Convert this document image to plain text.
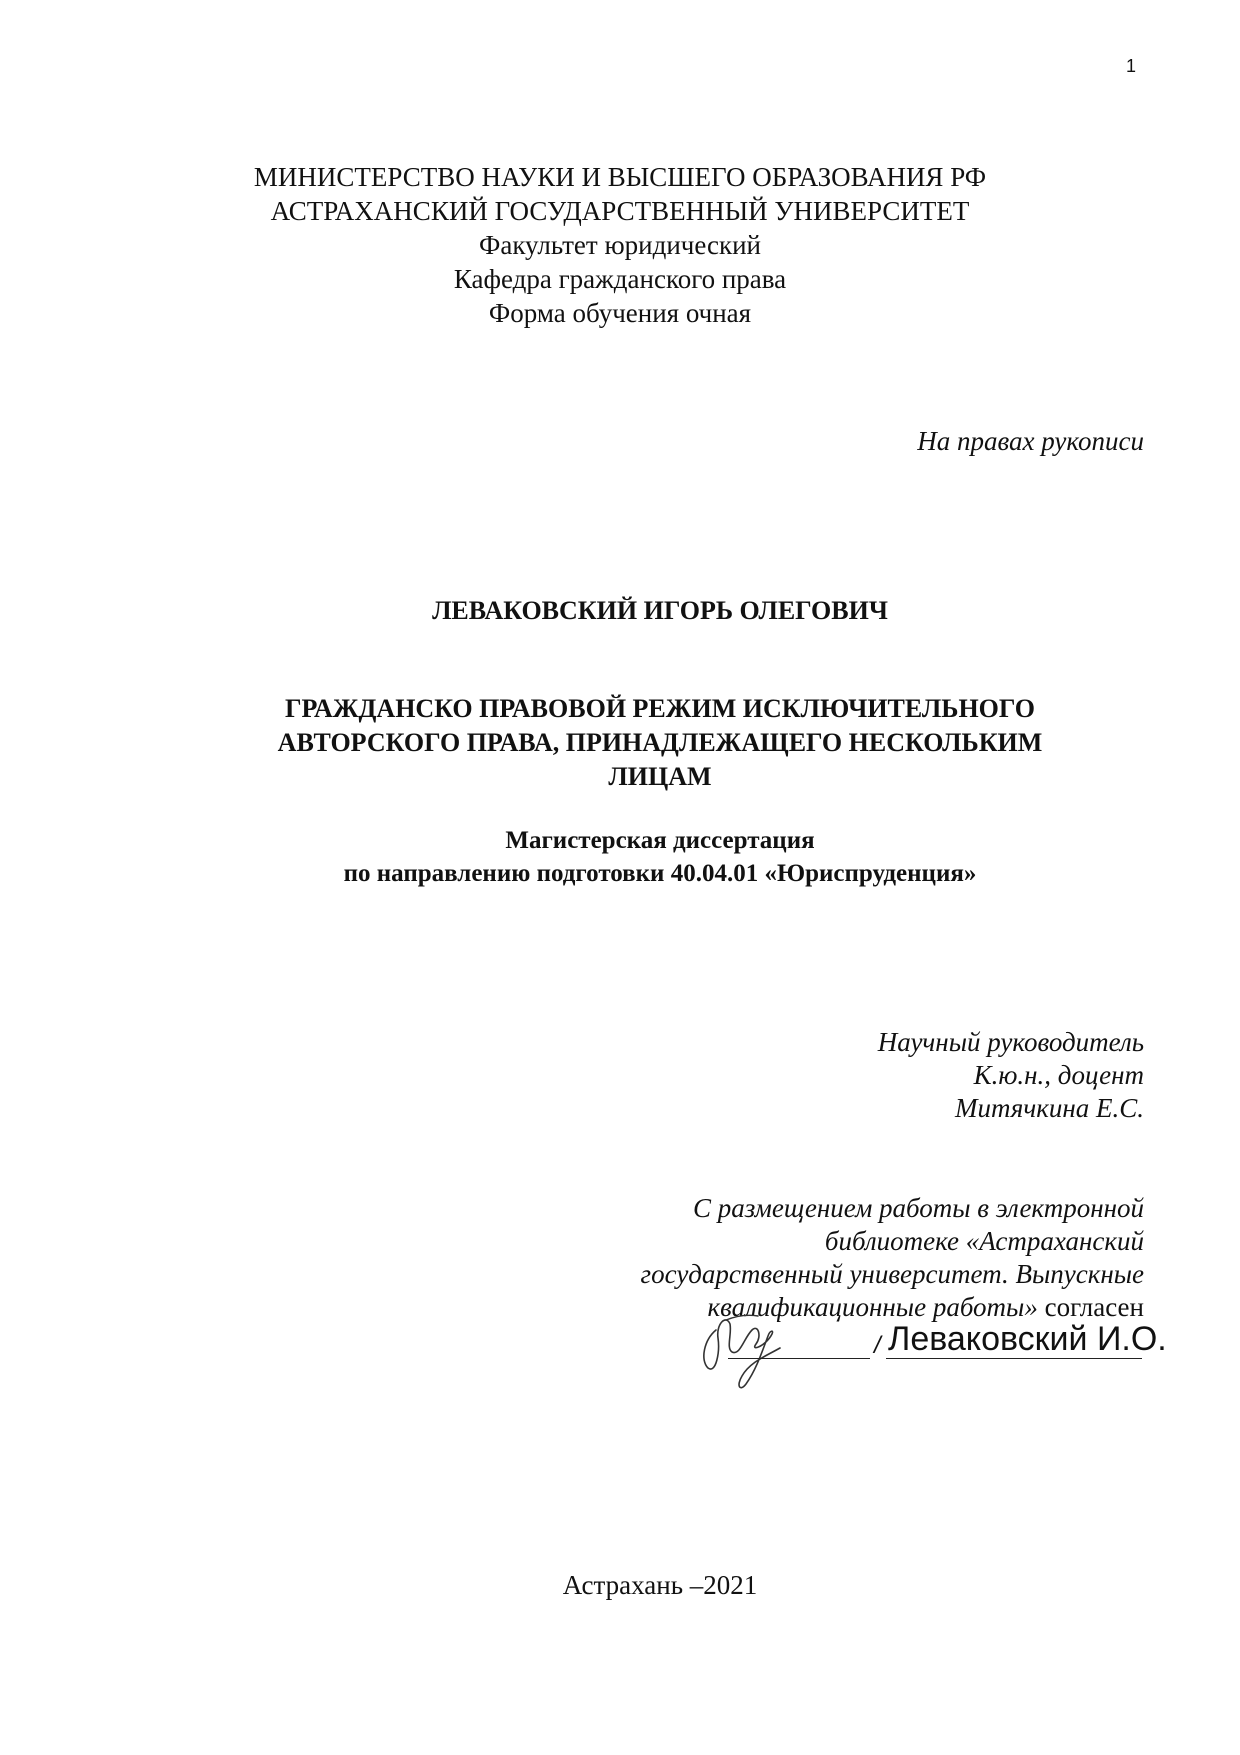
1
МИНИСТЕРСТВО НАУКИ И ВЫСШЕГО ОБРАЗОВАНИЯ РФ
АСТРАХАНСКИЙ ГОСУДАРСТВЕННЫЙ УНИВЕРСИТЕТ
Факультет юридический
Кафедра гражданского права
Форма обучения очная
На правах рукописи
ЛЕВАКОВСКИЙ ИГОРЬ ОЛЕГОВИЧ
ГРАЖДАНСКО ПРАВОВОЙ РЕЖИМ ИСКЛЮЧИТЕЛЬНОГО
АВТОРСКОГО ПРАВА, ПРИНАДЛЕЖАЩЕГО НЕСКОЛЬКИМ
ЛИЦАМ
Магистерская диссертация
по направлению подготовки 40.04.01 «Юриспруденция»
Научный руководитель
К.ю.н., доцент
Митячкина Е.С.
С размещением работы в электронной
библиотеке «Астраханский
государственный университет. Выпускные
квалификационные работы» согласен
/ Леваковский И.О.
Астрахань –2021
